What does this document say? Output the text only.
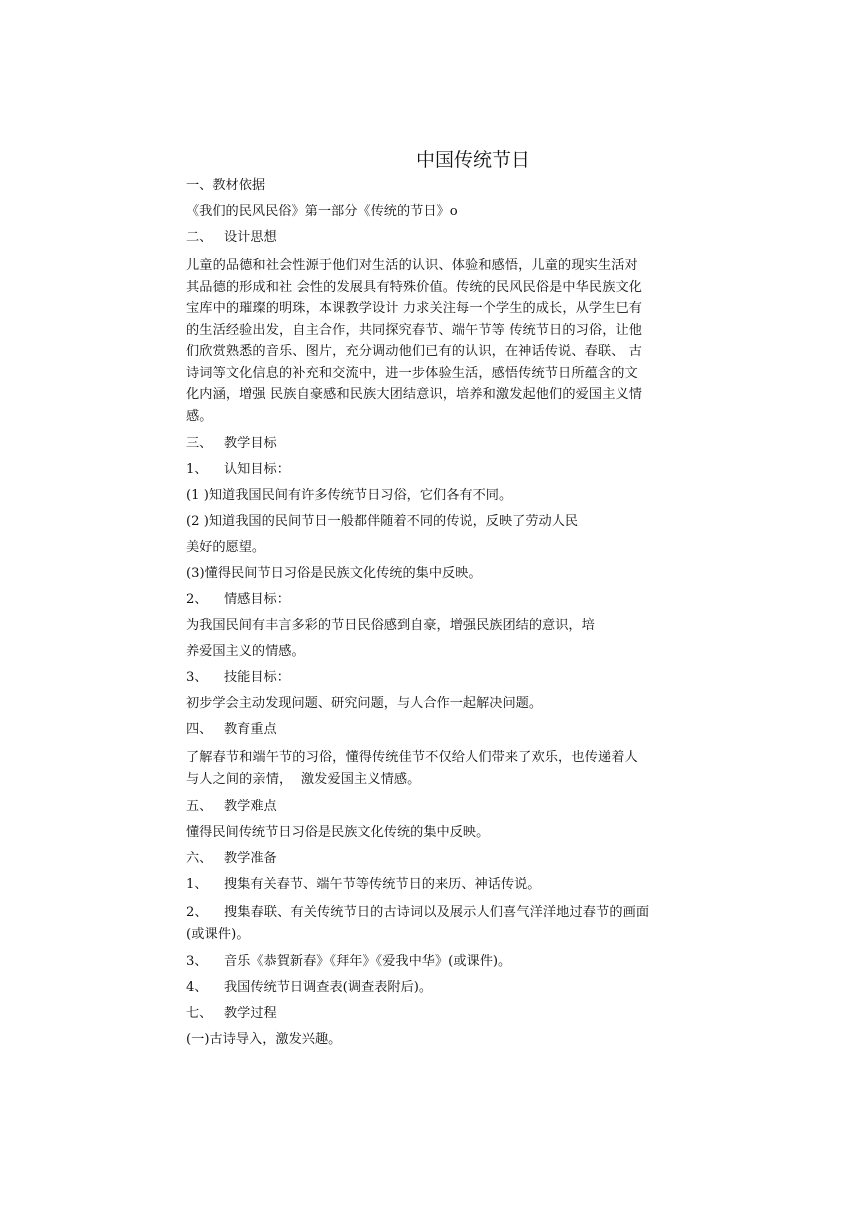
中国传统节日

一、教材依据

《我们的民风民俗》第一部分《传统的节日》o

二、 设计思想

儿童的品德和社会性源于他们对生活的认识、体验和感悟，儿童的现实生活对
其品德的形成和社 会性的发展具有特殊价值。传统的民风民俗是中华民族文化
宝库中的璀璨的明珠，本课教学设计 力求关注每一个学生的成长，从学生巳有
的生活经验出发，自主合作，共同探究春节、端午节等 传统节日的习俗，让他
们欣赏熟悉的音乐、图片，充分调动他们已有的认识，在神话传说、春联、 古
诗词等文化信息的补充和交流中，进一步体验生活，感悟传统节日所蕴含的文
化内涵，增强 民族自豪感和民族大团结意识，培养和激发起他们的爱国主义情
感。

三、 教学目标

1、 认知目标：

(1 )知道我国民间有许多传统节日习俗，它们各有不同。

(2 )知道我国的民间节日一般都伴随着不同的传说，反映了劳动人民

美好的愿望。

(3)懂得民间节日习俗是民族文化传统的集中反映。

2、 情感目标：

为我国民间有丰言多彩的节日民俗感到自豪，增强民族团结的意识，培

养爱国主义的情感。

3、 技能目标：

初步学会主动发现问题、研究问题，与人合作一起解决问题。

四、 教育重点

了解春节和端午节的习俗，懂得传统佳节不仅给人们带来了欢乐，也传递着人
与人之间的亲情，  激发爱国主义情感。

五、 教学难点

懂得民间传统节日习俗是民族文化传统的集中反映。

六、 教学准备

1、 搜集有关春节、端午节等传统节日的来历、神话传说。

2、 搜集春联、有关传统节日的古诗词以及展示人们喜气洋洋地过春节的画面
(或课件)。

3、 音乐《恭賀新春》《拜年》《爱我中华》(或课件)。

4、 我国传统节日调查表(调查表附后)。

七、 教学过程

(一)古诗导入，激发兴趣。
